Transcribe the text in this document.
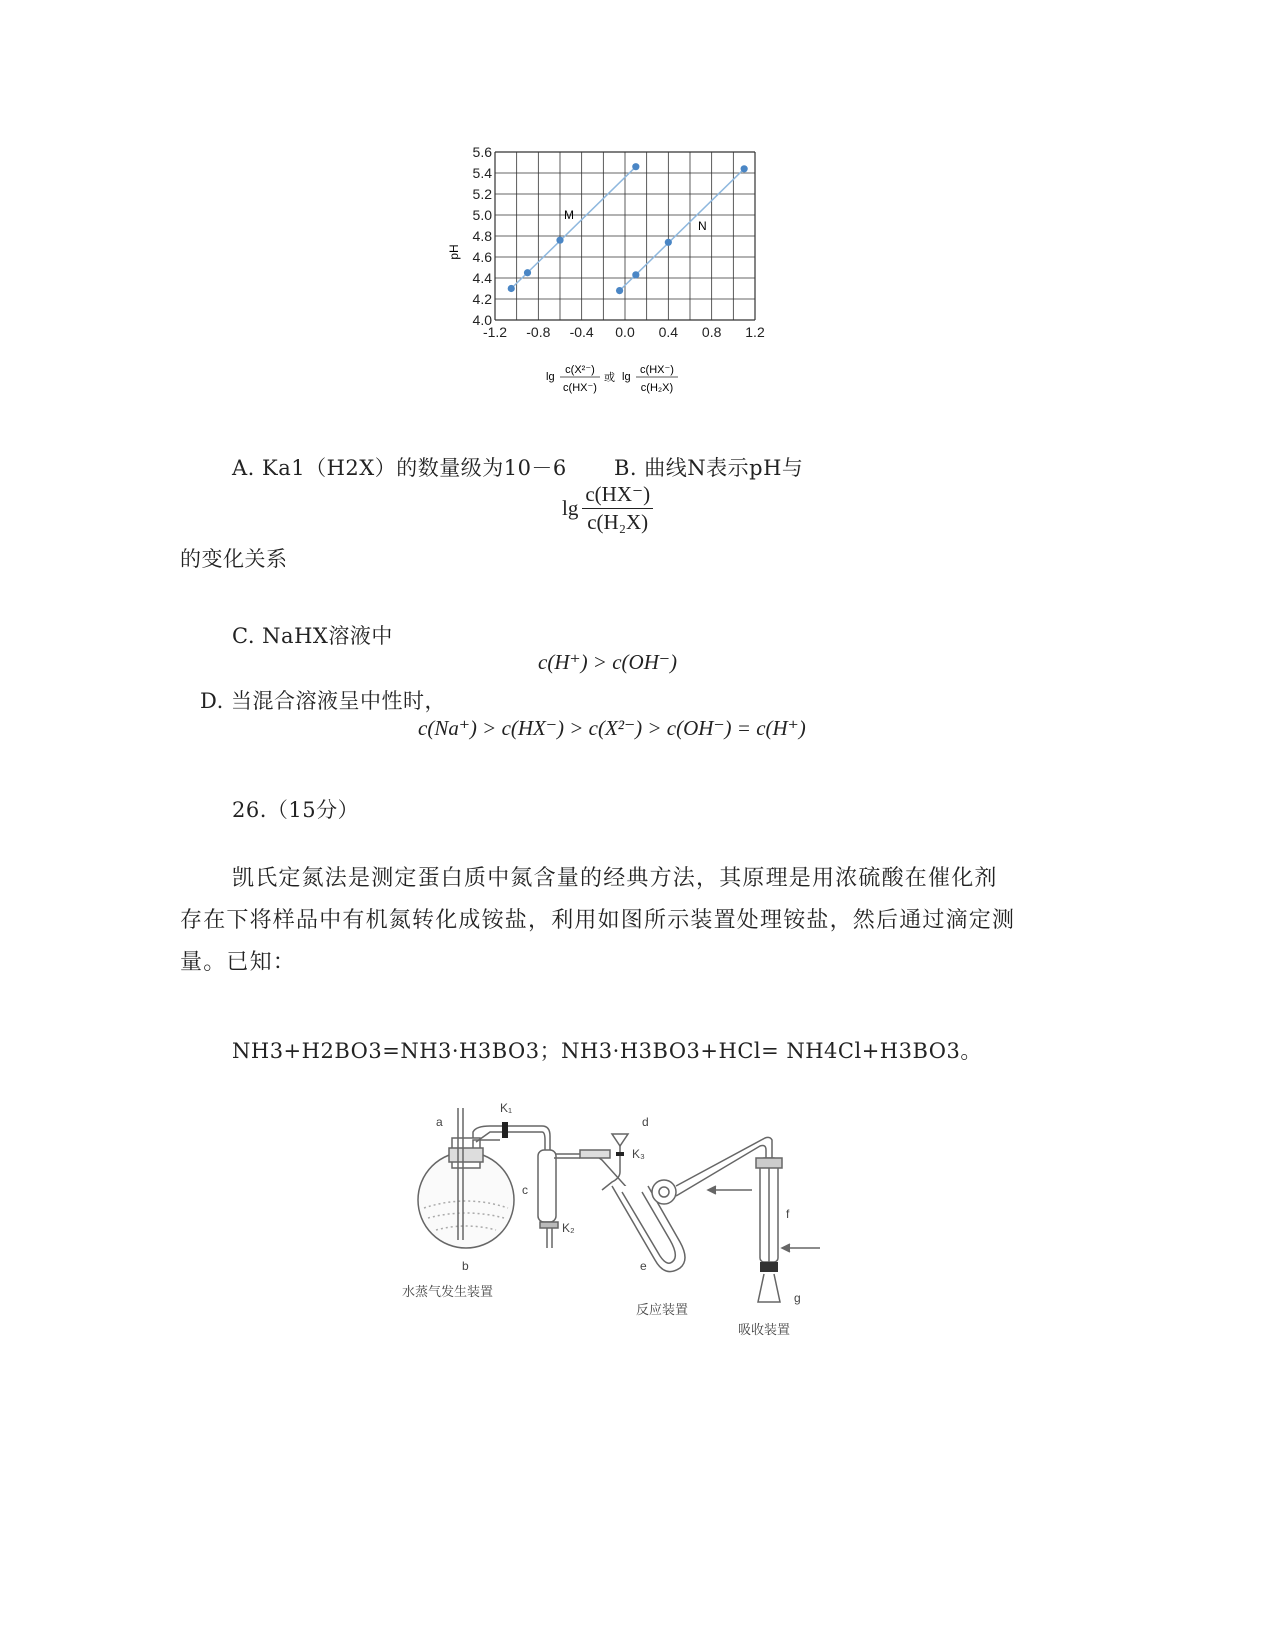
4.0
4.2
4.4
4.6
4.8
5.0
5.2
5.4
5.6
-1.2 -0.8 -0.4 0.0 0.4 0.8 1.2
M
N
pH
lg
c(X²⁻)
c(HX⁻)
或 lg
c(HX⁻)
c(H₂X)
A. Ka1（H2X）的数量级为10－6 B. 曲线N表示pH与
$\lg \frac{c(HX^-)}{\text{c(H₂X)}}$
的变化关系
C. NaHX溶液中
c(H⁺) > c(OH⁻)
D. 当混合溶液呈中性时，
c(Na⁺) > c(HX⁻) > c(X²⁻) > c(OH⁻) = c(H⁺)
26.（15分）
凯氏定氮法是测定蛋白质中氮含量的经典方法，其原理是用浓硫酸在催化剂
存在下将样品中有机氮转化成铵盐，利用如图所示装置处理铵盐，然后通过滴定测
量。已知：
NH3+H2BO3=NH3·H3BO3；NH3·H3BO3+HCl= NH4Cl+H3BO3。
a
K₁
b
c
K₂
d
K₃
e
f
g
水蒸气发生装置
反应装置
吸收装置
